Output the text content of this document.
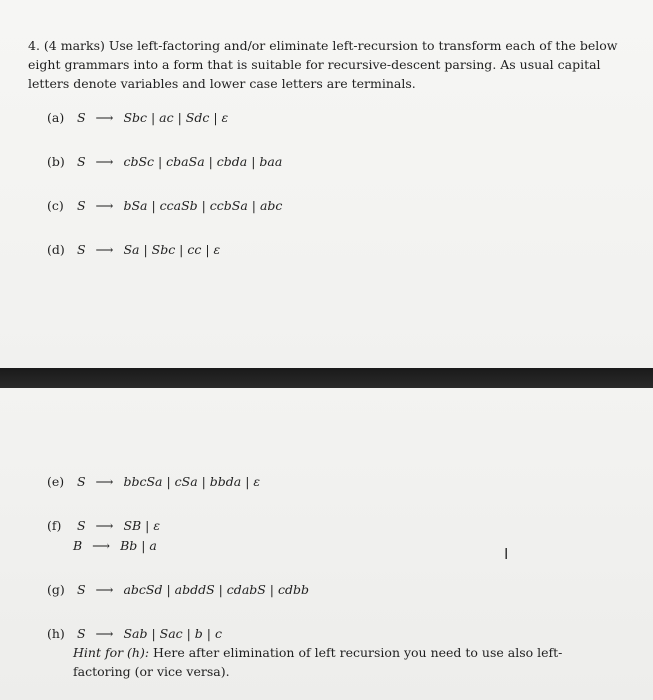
4. (4 marks) Use left-factoring and/or eliminate left-recursion to transform each of the below eight grammars into a form that is suitable for recursive-descent parsing. As usual capital letters denote variables and lower case letters are terminals.

(a) S ⟶ Sbc | ac | Sdc | ε
(b) S ⟶ cbSc | cbaSa | cbda | baa
(c) S ⟶ bSa | ccaSb | ccbSa | abc
(d) S ⟶ Sa | Sbc | cc | ε
(e) S ⟶ bbcSa | cSa | bbda | ε
(f) S ⟶ SB | ε
B ⟶ Bb | a
(g) S ⟶ abcSd | abddS | cdabS | cdbb
(h) S ⟶ Sab | Sac | b | c
Hint for (h): Here after elimination of left recursion you need to use also left-factoring (or vice versa).
I
